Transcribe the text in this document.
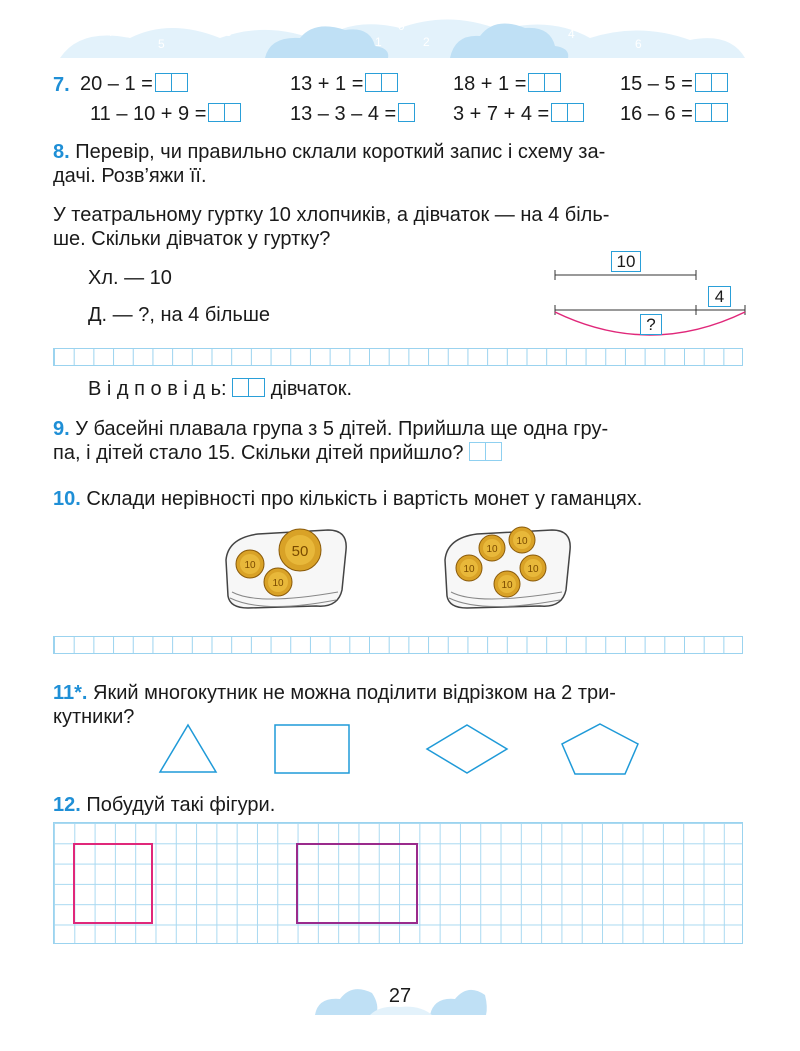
7
5
3
1
0
2
4
6
8
7. 20 – 1 =	13 + 1 =	18 + 1 =	15 – 5 =
11 – 10 + 9 =	13 – 3 – 4 =	3 + 7 + 4 =	16 – 6 =
8. Перевір, чи правильно склали короткий запис і схему за-
дачі. Розв’яжи її.
У театральному гуртку 10 хлопчиків, а дівчаток — на 4 біль-
ше. Скільки дівчаток у гуртку?
Хл. — 10
Д. — ?, на 4 більше
10
4
?
В і д п о в і д ь: дівчаток.
9. У басейні плавала група з 5 дітей. Прийшла ще одна гру-
па, і дітей стало 15. Скільки дітей прийшло?
10. Склади нерівності про кількість і вартість монет у гаманцях.
10
50
10
10
10
10	10
10
11*. Який многокутник не можна поділити відрізком на 2 три-
кутники?
12. Побудуй такі фігури.
27
